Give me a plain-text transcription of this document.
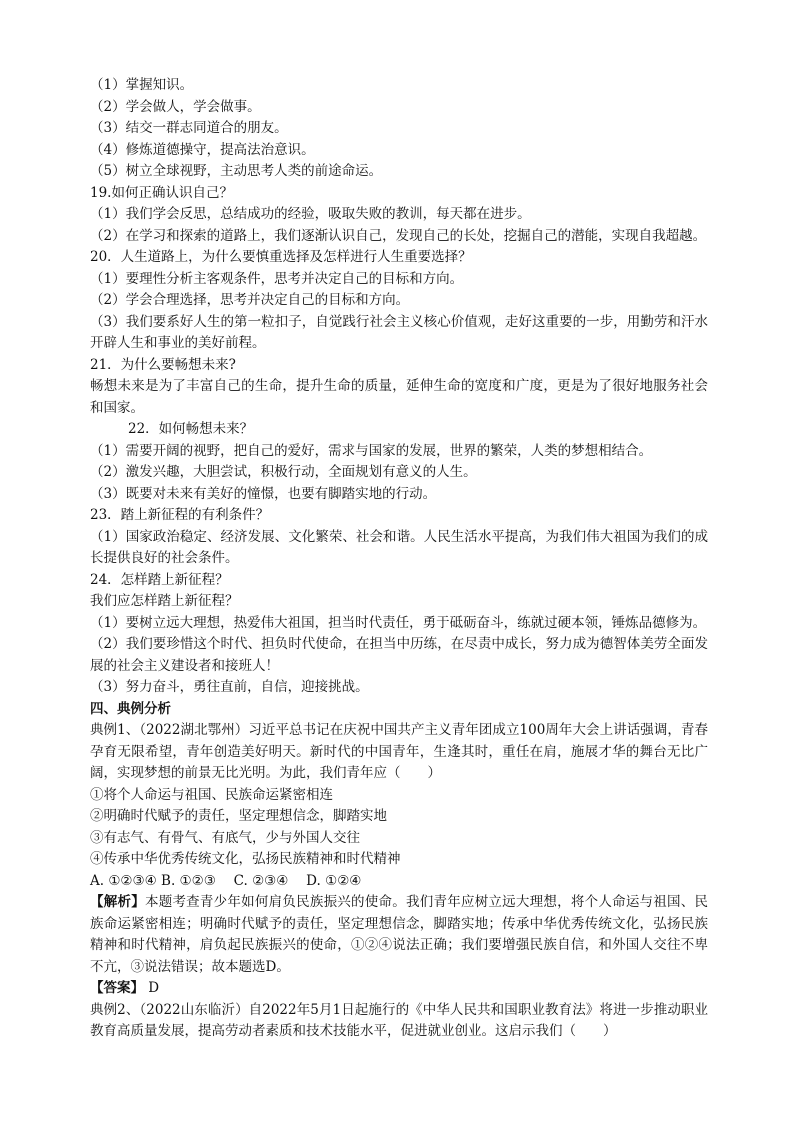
（1）掌握知识。
（2）学会做人，学会做事。
（3）结交一群志同道合的朋友。
（4）修炼道德操守，提高法治意识。
（5）树立全球视野，主动思考人类的前途命运。
19.如何正确认识自己？
（1）我们学会反思，总结成功的经验，吸取失败的教训，每天都在进步。
（2）在学习和探索的道路上，我们逐渐认识自己，发现自己的长处，挖掘自己的潜能，实现自我超越。
20．人生道路上，为什么要慎重选择及怎样进行人生重要选择？
（1）要理性分析主客观条件，思考并决定自己的目标和方向。
（2）学会合理选择，思考并决定自己的目标和方向。
（3）我们要系好人生的第一粒扣子，自觉践行社会主义核心价值观，走好这重要的一步，用勤劳和汗水开辟人生和事业的美好前程。
21．为什么要畅想未来?
畅想未来是为了丰富自己的生命，提升生命的质量，延伸生命的宽度和广度，更是为了很好地服务社会和国家。
22．如何畅想未来？
（1）需要开阔的视野，把自己的爱好，需求与国家的发展，世界的繁荣，人类的梦想相结合。
（2）激发兴趣，大胆尝试，积极行动，全面规划有意义的人生。
（3）既要对未来有美好的憧憬，也要有脚踏实地的行动。
23．踏上新征程的有利条件？
（1）国家政治稳定、经济发展、文化繁荣、社会和谐。人民生活水平提高，为我们伟大祖国为我们的成长提供良好的社会条件。
24．怎样踏上新征程？
我们应怎样踏上新征程？
（1）要树立远大理想，热爱伟大祖国，担当时代责任，勇于砥砺奋斗，练就过硬本领，锤炼品德修为。
（2）我们要珍惜这个时代、担负时代使命，在担当中历练，在尽责中成长，努力成为德智体美劳全面发展的社会主义建设者和接班人！
（3）努力奋斗，勇往直前，自信，迎接挑战。
四、典例分析
典例1、（2022湖北鄂州）习近平总书记在庆祝中国共产主义青年团成立100周年大会上讲话强调，青春孕育无限希望，青年创造美好明天。新时代的中国青年，生逢其时，重任在肩，施展才华的舞台无比广阔，实现梦想的前景无比光明。为此，我们青年应（　　）
①将个人命运与祖国、民族命运紧密相连
②明确时代赋予的责任，坚定理想信念，脚踏实地
③有志气、有骨气、有底气，少与外国人交往
④传承中华优秀传统文化，弘扬民族精神和时代精神
A. ①②③④ B. ①②③　 C. ②③④　 D. ①②④
【解析】本题考查青少年如何肩负民族振兴的使命。我们青年应树立远大理想，将个人命运与祖国、民族命运紧密相连；明确时代赋予的责任，坚定理想信念，脚踏实地；传承中华优秀传统文化，弘扬民族精神和时代精神，肩负起民族振兴的使命，①②④说法正确；我们要增强民族自信，和外国人交往不卑不亢，③说法错误；故本题选D。
【答案】 D
典例2、（2022山东临沂）自2022年5月1日起施行的《中华人民共和国职业教育法》将进一步推动职业教育高质量发展，提高劳动者素质和技术技能水平，促进就业创业。这启示我们（　　）
